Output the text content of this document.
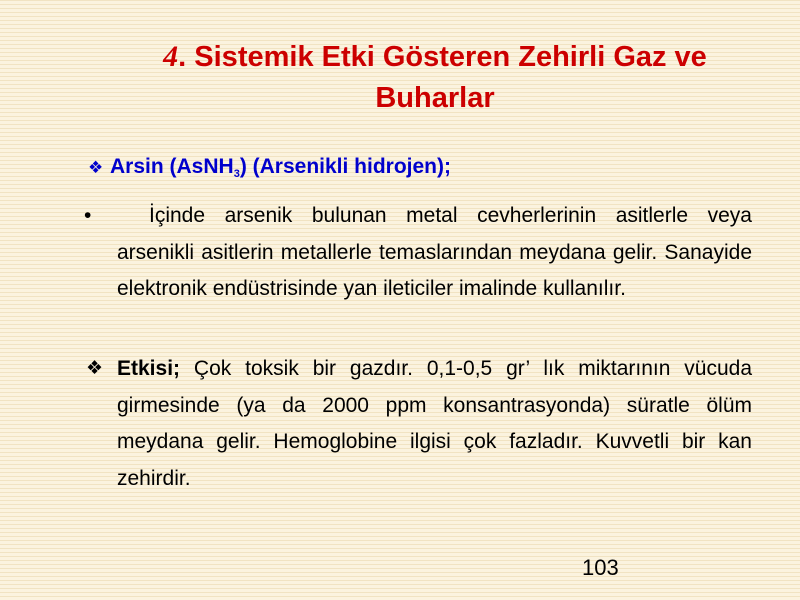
4. Sistemik Etki Gösteren Zehirli Gaz ve Buharlar
❖ Arsin (AsNH3) (Arsenikli hidrojen);
•	İçinde arsenik bulunan metal cevherlerinin asitlerle veya arsenikli asitlerin metallerle temaslarından meydana gelir. Sanayide elektronik endüstrisinde yan ileticiler imalinde kullanılır.
❖ Etkisi; Çok toksik bir gazdır. 0,1-0,5 gr’ lık miktarının vücuda girmesinde (ya da 2000 ppm konsantrasyonda) süratle ölüm meydana gelir. Hemoglobine ilgisi çok fazladır. Kuvvetli bir kan zehirdir.
103
